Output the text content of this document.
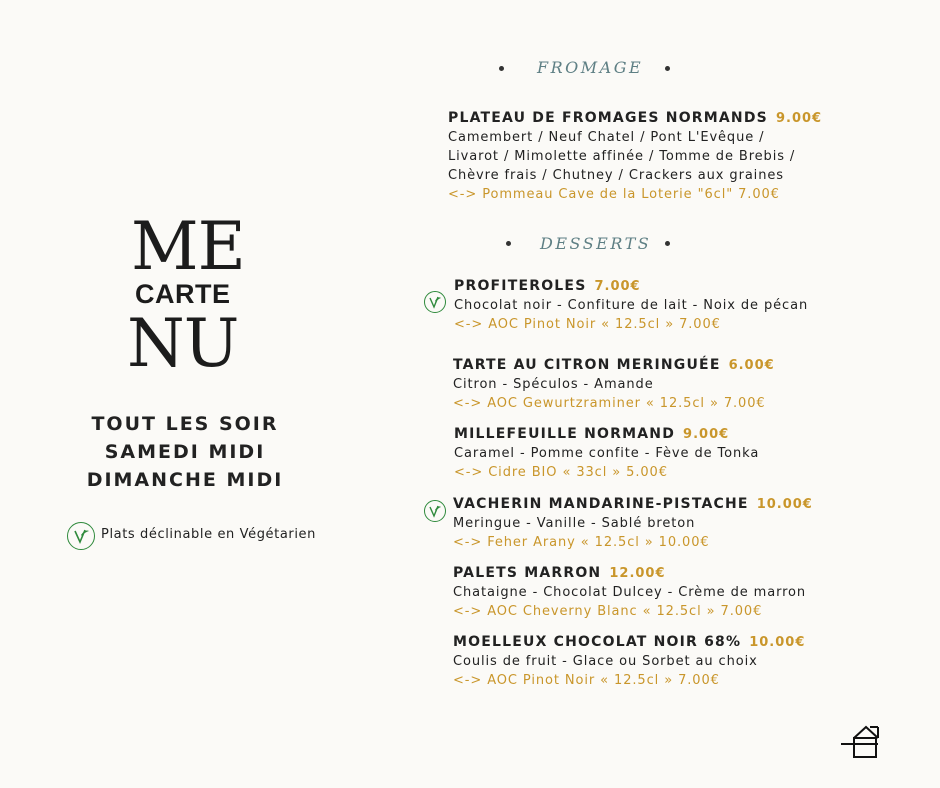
ME
CARTE
NU
TOUT LES SOIR
SAMEDI MIDI
DIMANCHE MIDI
Plats déclinable en Végétarien
FROMAGE
PLATEAU DE FROMAGES NORMANDS 9.00€
Camembert / Neuf Chatel / Pont L'Evêque /
Livarot / Mimolette affinée / Tomme de Brebis /
Chèvre frais / Chutney / Crackers aux graines
<-> Pommeau Cave de la Loterie "6cl" 7.00€
DESSERTS
PROFITEROLES 7.00€
Chocolat noir - Confiture de lait - Noix de pécan
<-> AOC Pinot Noir « 12.5cl » 7.00€
TARTE AU CITRON MERINGUÉE 6.00€
Citron - Spéculos - Amande
<-> AOC Gewurtzraminer « 12.5cl » 7.00€
MILLEFEUILLE NORMAND 9.00€
Caramel - Pomme confite - Fève de Tonka
<-> Cidre BIO « 33cl » 5.00€
VACHERIN MANDARINE-PISTACHE 10.00€
Meringue - Vanille - Sablé breton
<-> Feher Arany « 12.5cl » 10.00€
PALETS MARRON 12.00€
Chataigne - Chocolat Dulcey - Crème de marron
<-> AOC Cheverny Blanc « 12.5cl » 7.00€
MOELLEUX CHOCOLAT NOIR 68% 10.00€
Coulis de fruit - Glace ou Sorbet au choix
<-> AOC Pinot Noir « 12.5cl » 7.00€
